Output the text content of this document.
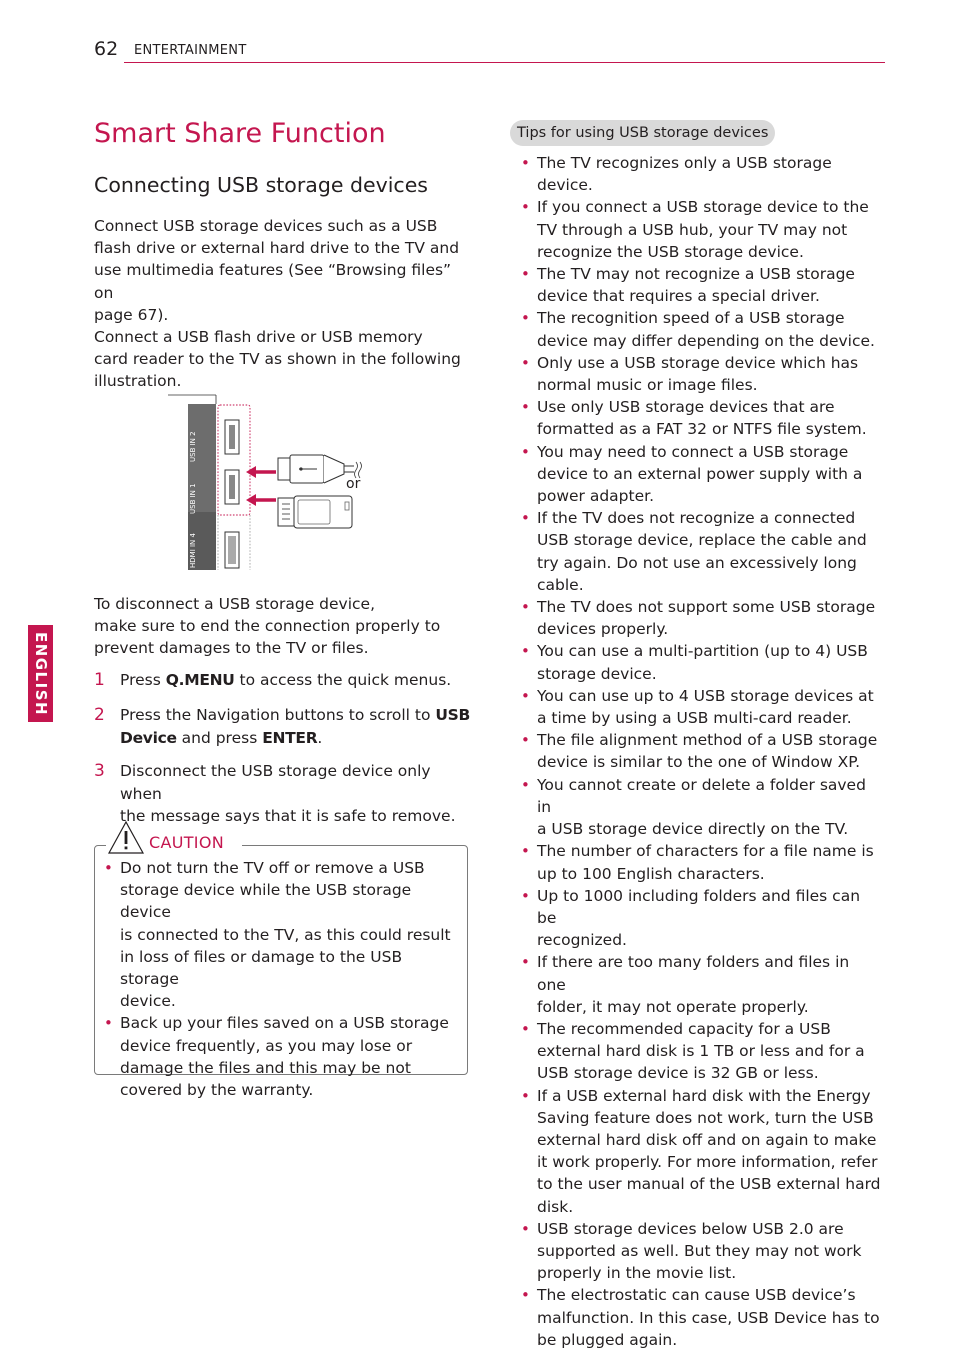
62 ENTERTAINMENT
ENGLISH
Smart Share Function
Connecting USB storage devices
Connect USB storage devices such as a USB
flash drive or external hard drive to the TV and
use multimedia features (See “Browsing files” on
page 67).
Connect a USB flash drive or USB memory
card reader to the TV as shown in the following
illustration.
USB IN 2
USB IN 1
HDMI IN 4
or
To disconnect a USB storage device,
make sure to end the connection properly to
prevent damages to the TV or files.
1 Press Q.MENU to access the quick menus.
2 Press the Navigation buttons to scroll to USB
Device and press ENTER.
3 Disconnect the USB storage device only when
the message says that it is safe to remove.
CAUTION
• Do not turn the TV off or remove a USB
storage device while the USB storage device
is connected to the TV, as this could result
in loss of files or damage to the USB storage
device.
• Back up your files saved on a USB storage
device frequently, as you may lose or
damage the files and this may be not
covered by the warranty.
Tips for using USB storage devices
• The TV recognizes only a USB storage
device.
• If you connect a USB storage device to the
TV through a USB hub, your TV may not
recognize the USB storage device.
• The TV may not recognize a USB storage
device that requires a special driver.
• The recognition speed of a USB storage
device may differ depending on the device.
• Only use a USB storage device which has
normal music or image files.
• Use only USB storage devices that are
formatted as a FAT 32 or NTFS file system.
• You may need to connect a USB storage
device to an external power supply with a
power adapter.
• If the TV does not recognize a connected
USB storage device, replace the cable and
try again. Do not use an excessively long
cable.
• The TV does not support some USB storage
devices properly.
• You can use a multi-partition (up to 4) USB
storage device.
• You can use up to 4 USB storage devices at
a time by using a USB multi-card reader.
• The file alignment method of a USB storage
device is similar to the one of Window XP.
• You cannot create or delete a folder saved in
a USB storage device directly on the TV.
• The number of characters for a file name is
up to 100 English characters.
• Up to 1000 including folders and files can be
recognized.
• If there are too many folders and files in one
folder, it may not operate properly.
• The recommended capacity for a USB
external hard disk is 1 TB or less and for a
USB storage device is 32 GB or less.
• If a USB external hard disk with the Energy
Saving feature does not work, turn the USB
external hard disk off and on again to make
it work properly. For more information, refer
to the user manual of the USB external hard
disk.
• USB storage devices below USB 2.0 are
supported as well. But they may not work
properly in the movie list.
• The electrostatic can cause USB device’s
malfunction. In this case, USB Device has to
be plugged again.
